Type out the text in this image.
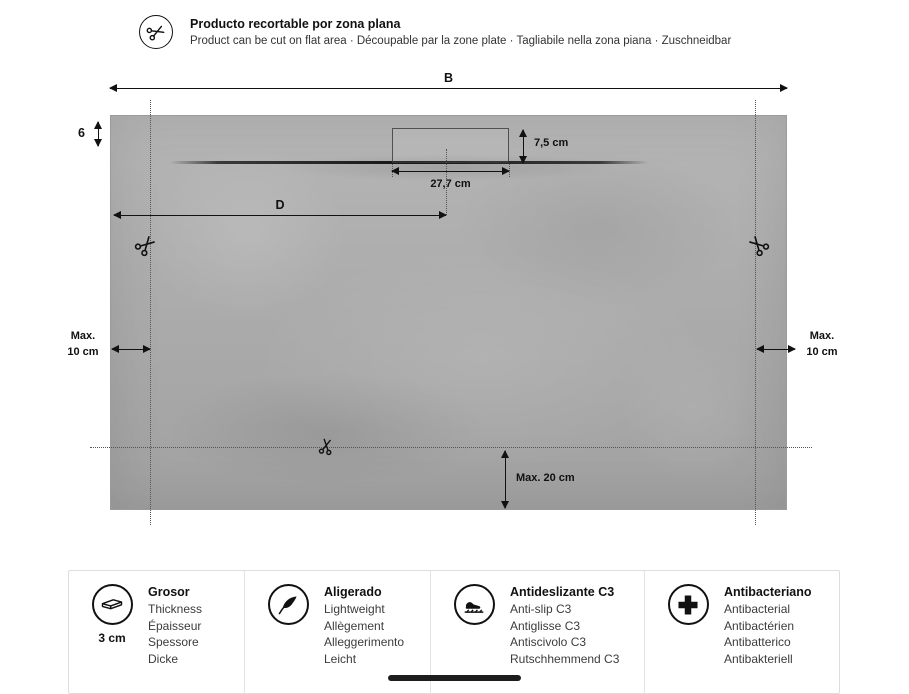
Producto recortable por zona plana
Product can be cut on flat area · Découpable par la zone plate · Tagliabile nella zona piana · Zuschneidbar
B
6
7,5 cm
27,7 cm
D
Max.
10 cm
Max.
10 cm
Max. 20 cm
3 cm
Grosor
Thickness
Épaisseur
Spessore
Dicke
Aligerado
Lightweight
Allègement
Alleggerimento
Leicht
Antideslizante C3
Anti-slip C3
Antiglisse C3
Antiscivolo C3
Rutschhemmend C3
Antibacteriano
Antibacterial
Antibactérien
Antibatterico
Antibakteriell
